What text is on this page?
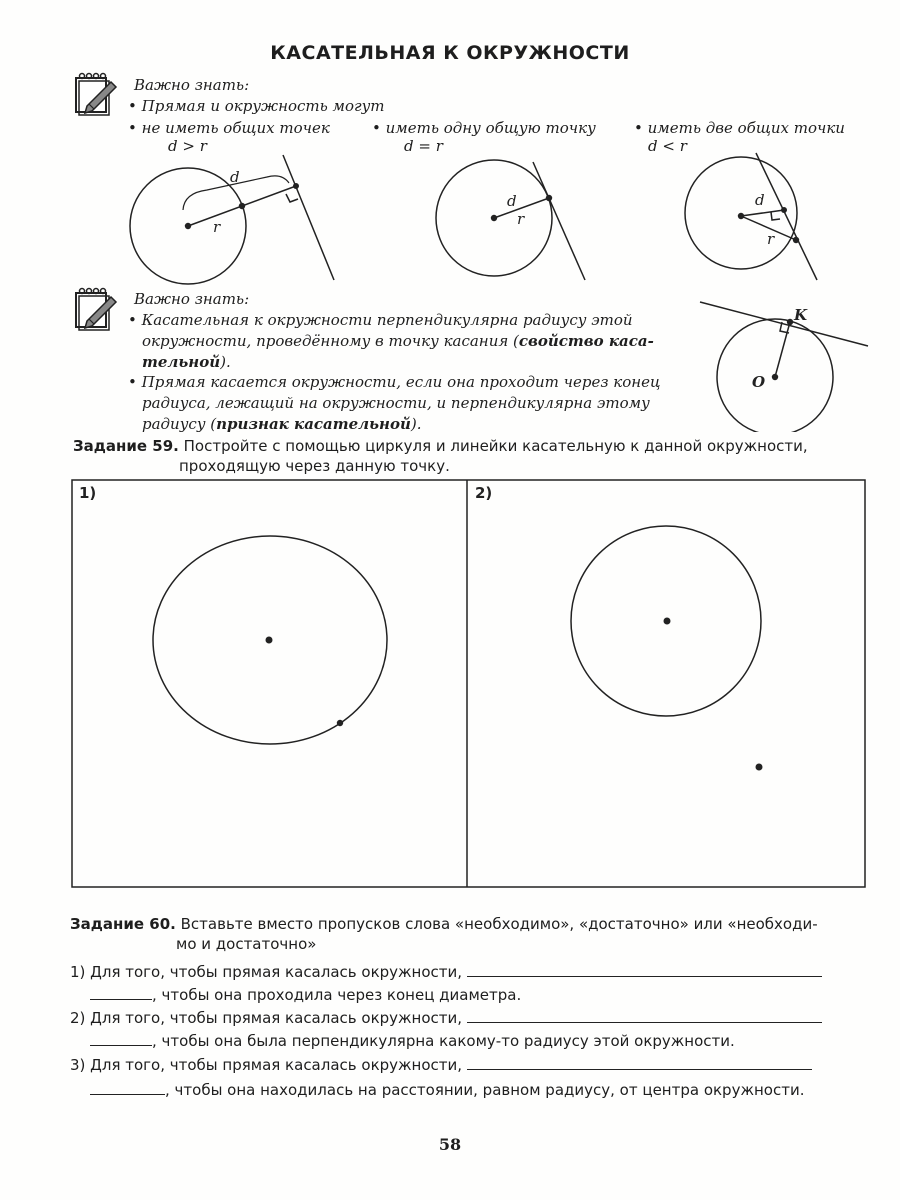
КАСАТЕЛЬНАЯ К ОКРУЖНОСТИ
Важно знать:
• Прямая и окружность могут
• не иметь общих точек
d > r
• иметь одну общую точку
d = r
• иметь две общих точки
d < r
d
r
d
r
d
r
Важно знать:
• Касательная к окружности перпендикулярна радиусу этой
окружности, проведённому в точку касания (свойство каса-
тельной).
• Прямая касается окружности, если она проходит через конец
радиуса, лежащий на окружности, и перпендикулярна этому
радиусу (признак касательной).
K
O
Задание 59. Постройте с помощью циркуля и линейки касательную к данной окружности,
проходящую через данную точку.
1)	2)
Задание 60. Вставьте вместо пропусков слова «необходимо», «достаточно» или «необходи-
мо и достаточно»
1) Для того, чтобы прямая касалась окружности,
, чтобы она проходила через конец диаметра.
2) Для того, чтобы прямая касалась окружности,
, чтобы она была перпендикулярна какому-то радиусу этой окружности.
3) Для того, чтобы прямая касалась окружности,
, чтобы она находилась на расстоянии, равном радиусу, от центра окружности.
58
